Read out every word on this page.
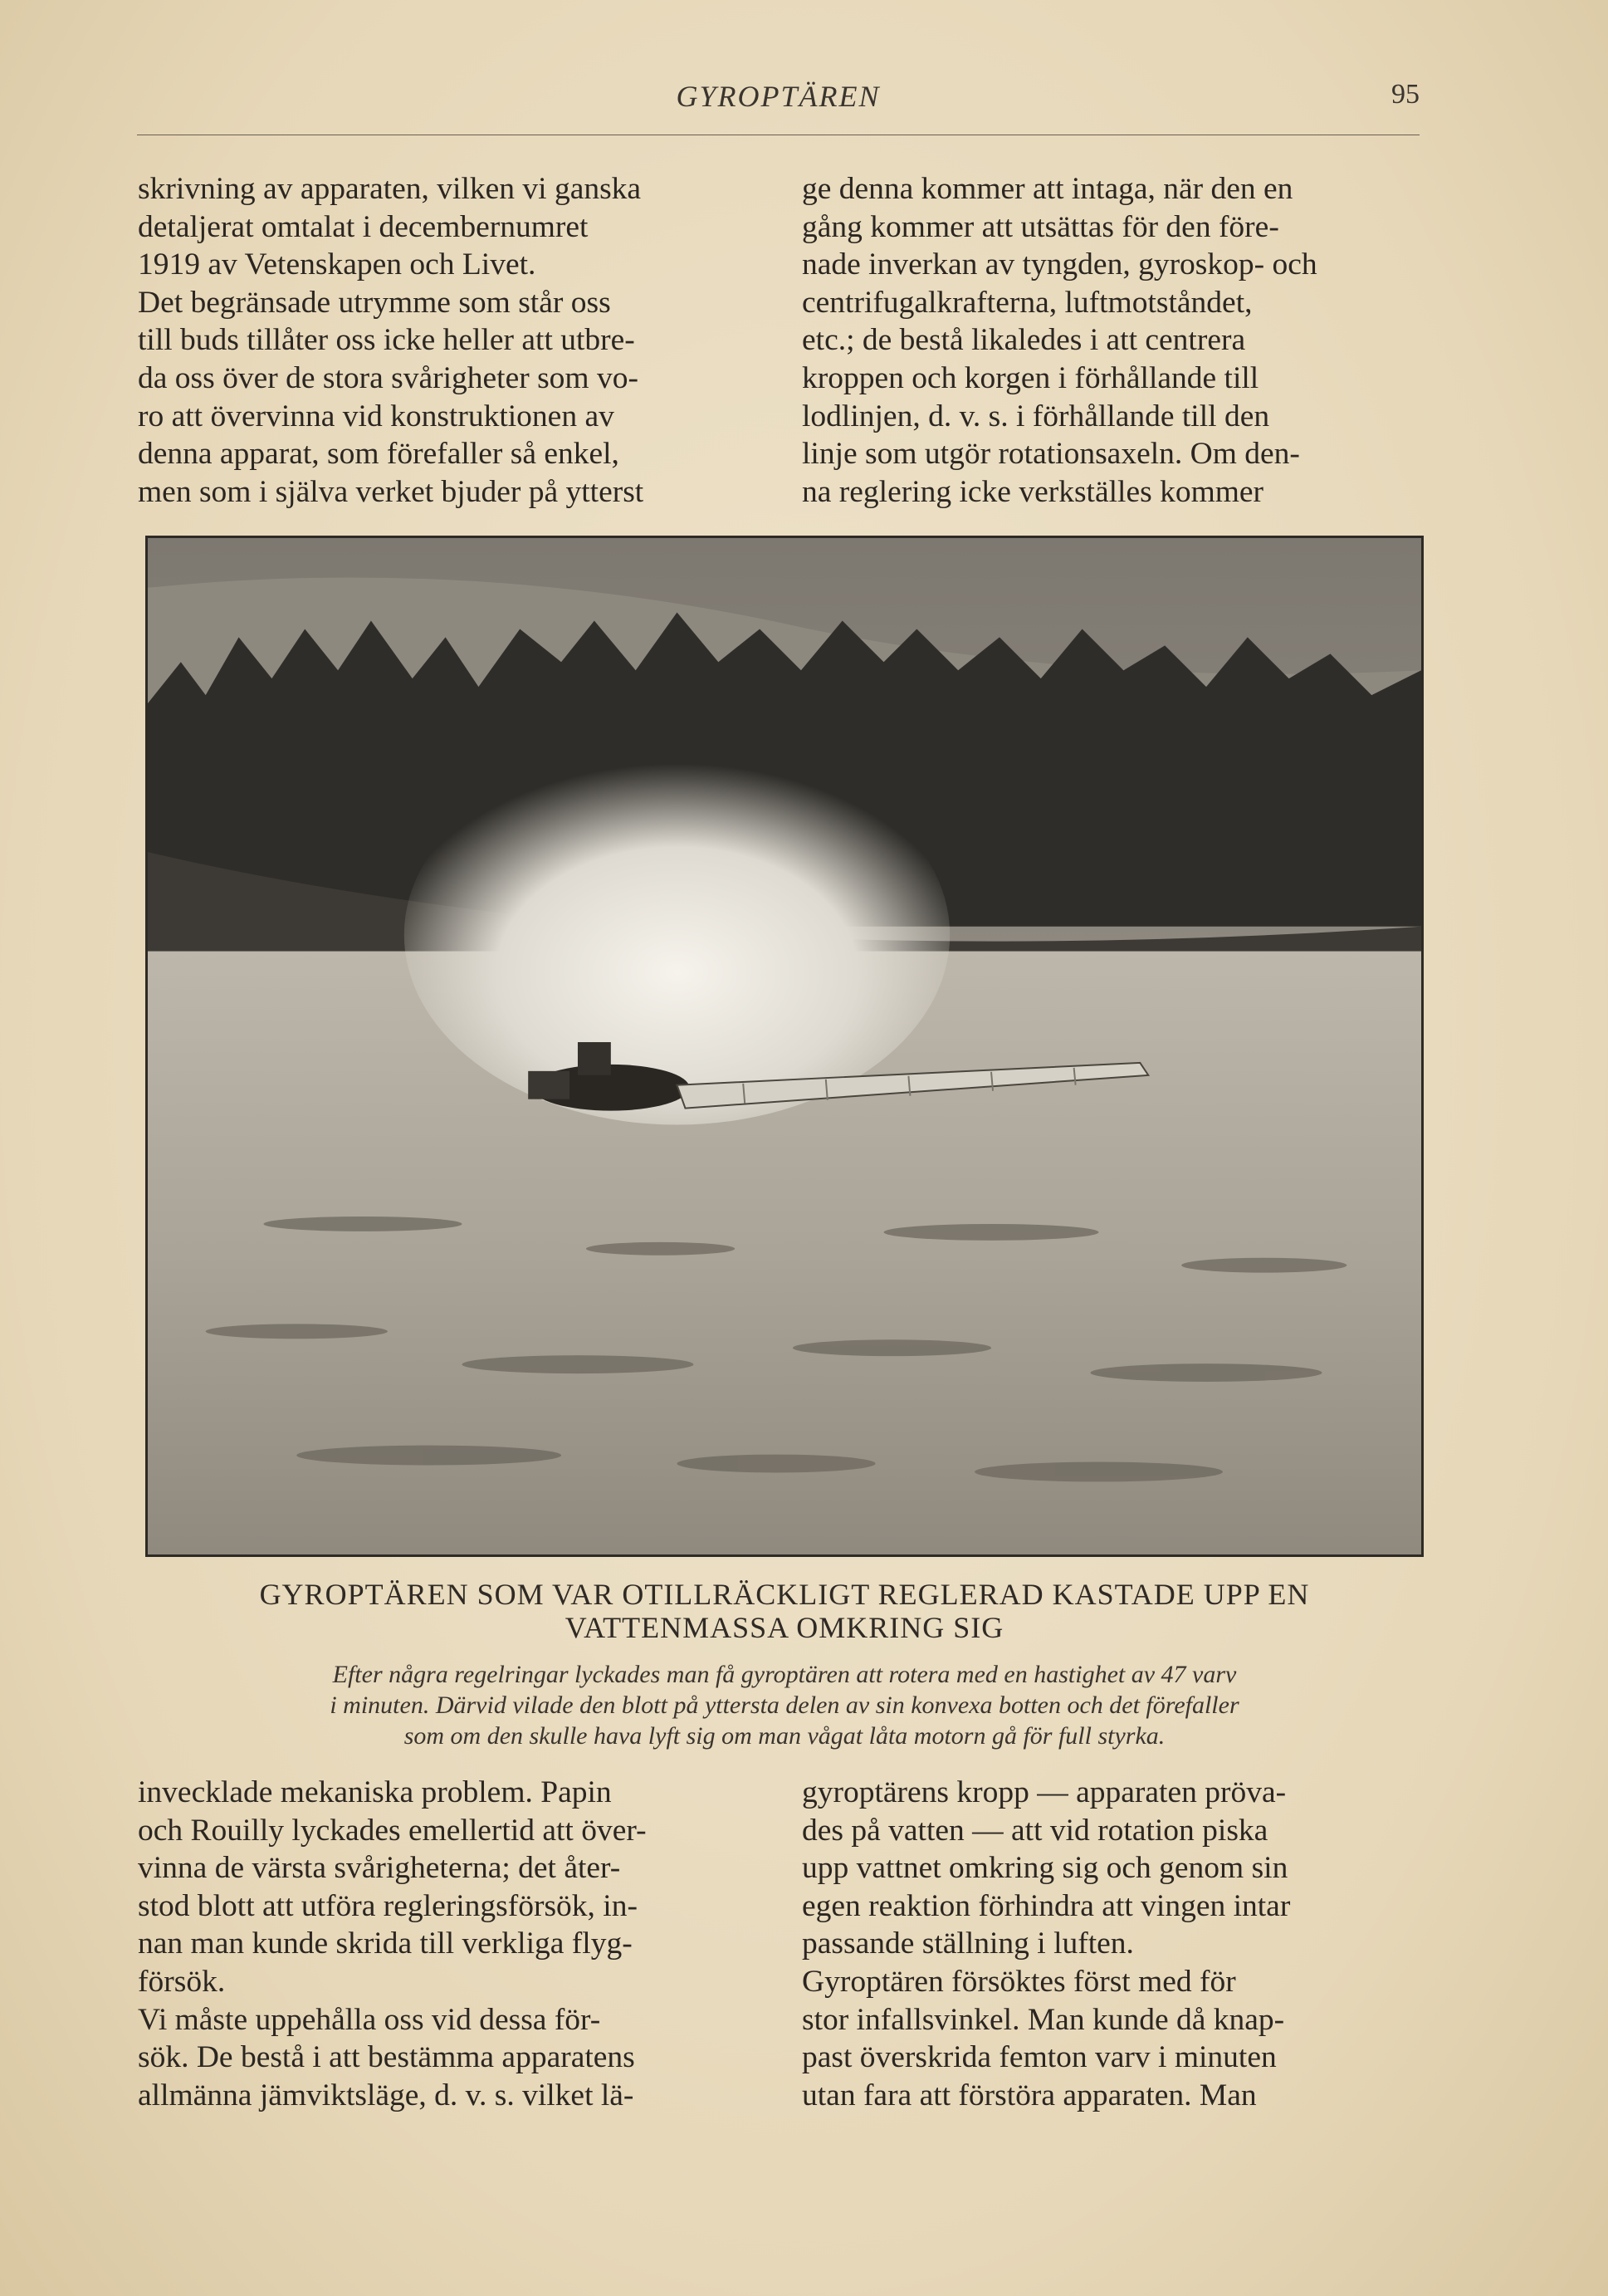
GYROPTÄREN	95

skrivning av apparaten, vilken vi ganska
detaljerat omtalat i decembernumret
1919 av Vetenskapen och Livet.
Det begränsade utrymme som står oss
till buds tillåter oss icke heller att utbre-
da oss över de stora svårigheter som vo-
ro att övervinna vid konstruktionen av
denna apparat, som förefaller så enkel,
men som i själva verket bjuder på ytterst

ge denna kommer att intaga, när den en
gång kommer att utsättas för den före-
nade inverkan av tyngden, gyroskop- och
centrifugalkrafterna, luftmotståndet,
etc.; de bestå likaledes i att centrera
kroppen och korgen i förhållande till
lodlinjen, d. v. s. i förhållande till den
linje som utgör rotationsaxeln. Om den-
na reglering icke verkställes kommer

GYROPTÄREN SOM VAR OTILLRÄCKLIGT REGLERAD KASTADE UPP EN
VATTENMASSA OMKRING SIG
Efter några regelringar lyckades man få gyroptären att rotera med en hastighet av 47 varv
i minuten. Därvid vilade den blott på yttersta delen av sin konvexa botten och det förefaller
som om den skulle hava lyft sig om man vågat låta motorn gå för full styrka.

invecklade mekaniska problem. Papin
och Rouilly lyckades emellertid att över-
vinna de värsta svårigheterna; det åter-
stod blott att utföra regleringsförsök, in-
nan man kunde skrida till verkliga flyg-
försök.
Vi måste uppehålla oss vid dessa för-
sök. De bestå i att bestämma apparatens
allmänna jämviktsläge, d. v. s. vilket lä-

gyroptärens kropp — apparaten pröva-
des på vatten — att vid rotation piska
upp vattnet omkring sig och genom sin
egen reaktion förhindra att vingen intar
passande ställning i luften.
Gyroptären försöktes först med för
stor infallsvinkel. Man kunde då knap-
past överskrida femton varv i minuten
utan fara att förstöra apparaten. Man
